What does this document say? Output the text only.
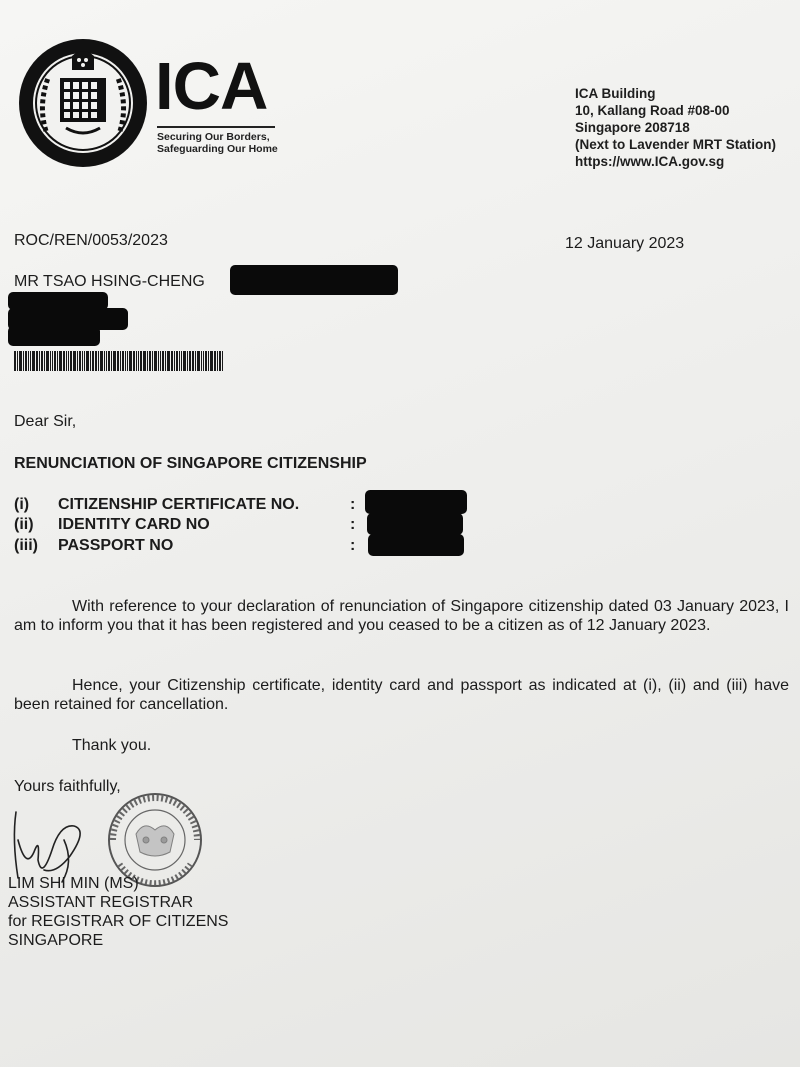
ICA
Securing Our Borders,
Safeguarding Our Home
ICA Building
10, Kallang Road #08-00
Singapore 208718
(Next to Lavender MRT Station)
https://www.ICA.gov.sg
ROC/REN/0053/2023	12 January 2023
MR TSAO HSING-CHENG
Dear Sir,
RENUNCIATION OF SINGAPORE CITIZENSHIP
(i) CITIZENSHIP CERTIFICATE NO.	:
(ii) IDENTITY CARD NO	:
(iii) PASSPORT NO	:
With reference to your declaration of renunciation of Singapore citizenship dated 03 January 2023, I am to inform you that it has been registered and you ceased to be a citizen as of 12 January 2023.
Hence, your Citizenship certificate, identity card and passport as indicated at (i), (ii) and (iii) have been retained for cancellation.
Thank you.
Yours faithfully,
LIM SHI MIN (MS)
ASSISTANT REGISTRAR
for REGISTRAR OF CITIZENS
SINGAPORE
